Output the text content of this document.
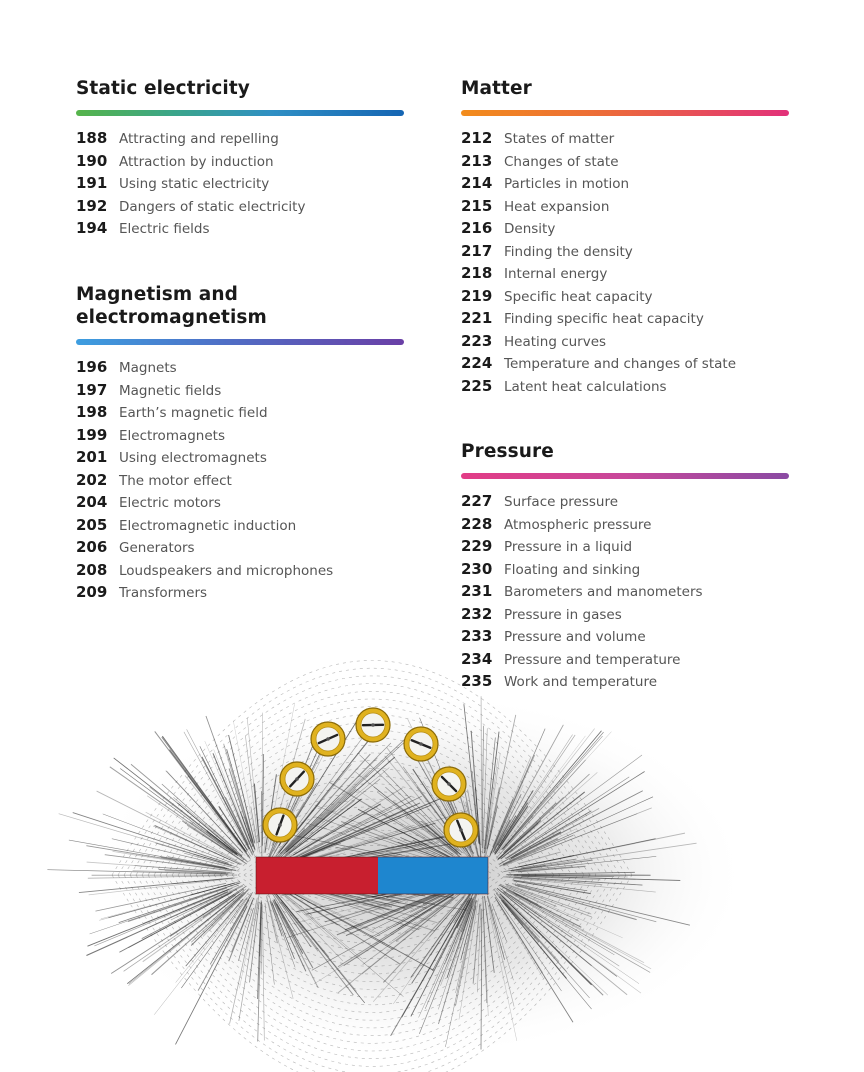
Static electricity
188 Attracting and repelling
190 Attraction by induction
191 Using static electricity
192 Dangers of static electricity
194 Electric fields
Magnetism and
electromagnetism
196 Magnets
197 Magnetic fields
198 Earth’s magnetic field
199 Electromagnets
201 Using electromagnets
202 The motor effect
204 Electric motors
205 Electromagnetic induction
206 Generators
208 Loudspeakers and microphones
209 Transformers
Matter
212 States of matter
213 Changes of state
214 Particles in motion
215 Heat expansion
216 Density
217 Finding the density
218 Internal energy
219 Specific heat capacity
221 Finding specific heat capacity
223 Heating curves
224 Temperature and changes of state
225 Latent heat calculations
Pressure
227 Surface pressure
228 Atmospheric pressure
229 Pressure in a liquid
230 Floating and sinking
231 Barometers and manometers
232 Pressure in gases
233 Pressure and volume
234 Pressure and temperature
235 Work and temperature
